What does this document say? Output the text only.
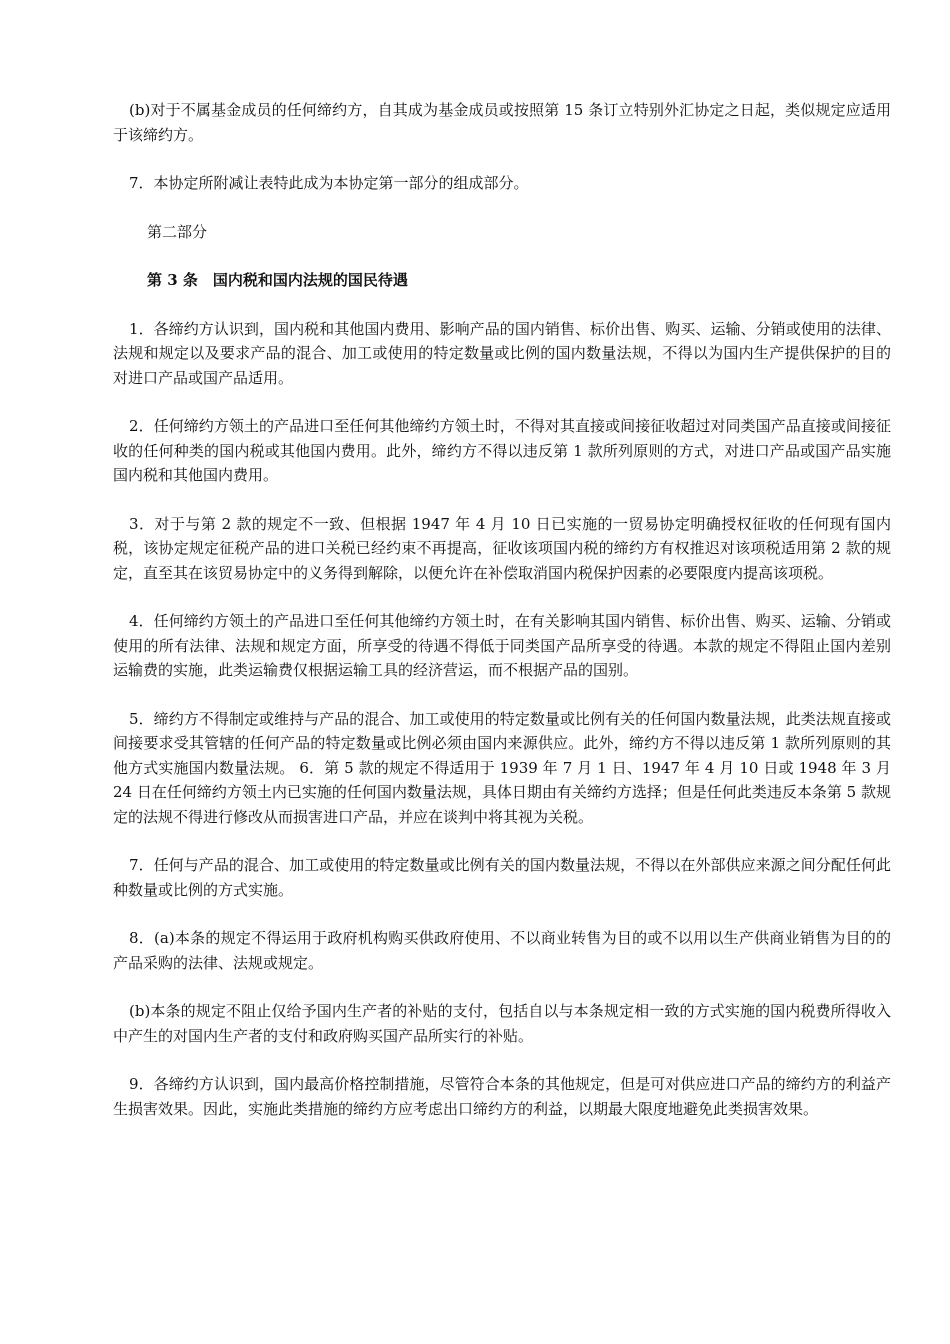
(b)对于不属基金成员的任何缔约方，自其成为基金成员或按照第 15 条订立特别外汇协定之日起，类似规定应适用于该缔约方。

7．本协定所附减让表特此成为本协定第一部分的组成部分。

第二部分

第 3 条　国内税和国内法规的国民待遇

1．各缔约方认识到，国内税和其他国内费用、影响产品的国内销售、标价出售、购买、运输、分销或使用的法律、法规和规定以及要求产品的混合、加工或使用的特定数量或比例的国内数量法规，不得以为国内生产提供保护的目的对进口产品或国产品适用。

2．任何缔约方领土的产品进口至任何其他缔约方领土时，不得对其直接或间接征收超过对同类国产品直接或间接征收的任何种类的国内税或其他国内费用。此外，缔约方不得以违反第 1 款所列原则的方式，对进口产品或国产品实施国内税和其他国内费用。

3．对于与第 2 款的规定不一致、但根据 1947 年 4 月 10 日已实施的一贸易协定明确授权征收的任何现有国内税，该协定规定征税产品的进口关税已经约束不再提高，征收该项国内税的缔约方有权推迟对该项税适用第 2 款的规定，直至其在该贸易协定中的义务得到解除，以便允许在补偿取消国内税保护因素的必要限度内提高该项税。

4．任何缔约方领土的产品进口至任何其他缔约方领土时，在有关影响其国内销售、标价出售、购买、运输、分销或使用的所有法律、法规和规定方面，所享受的待遇不得低于同类国产品所享受的待遇。本款的规定不得阻止国内差别运输费的实施，此类运输费仅根据运输工具的经济营运，而不根据产品的国别。

5．缔约方不得制定或维持与产品的混合、加工或使用的特定数量或比例有关的任何国内数量法规，此类法规直接或间接要求受其管辖的任何产品的特定数量或比例必须由国内来源供应。此外，缔约方不得以违反第 1 款所列原则的其他方式实施国内数量法规。 6．第 5 款的规定不得适用于 1939 年 7 月 1 日、1947 年 4 月 10 日或 1948 年 3 月 24 日在任何缔约方领土内已实施的任何国内数量法规，具体日期由有关缔约方选择；但是任何此类违反本条第 5 款规定的法规不得进行修改从而损害进口产品，并应在谈判中将其视为关税。

7．任何与产品的混合、加工或使用的特定数量或比例有关的国内数量法规，不得以在外部供应来源之间分配任何此种数量或比例的方式实施。

8．(a)本条的规定不得运用于政府机构购买供政府使用、不以商业转售为目的或不以用以生产供商业销售为目的的产品采购的法律、法规或规定。

(b)本条的规定不阻止仅给予国内生产者的补贴的支付，包括自以与本条规定相一致的方式实施的国内税费所得收入中产生的对国内生产者的支付和政府购买国产品所实行的补贴。

9．各缔约方认识到，国内最高价格控制措施，尽管符合本条的其他规定，但是可对供应进口产品的缔约方的利益产生损害效果。因此，实施此类措施的缔约方应考虑出口缔约方的利益，以期最大限度地避免此类损害效果。
